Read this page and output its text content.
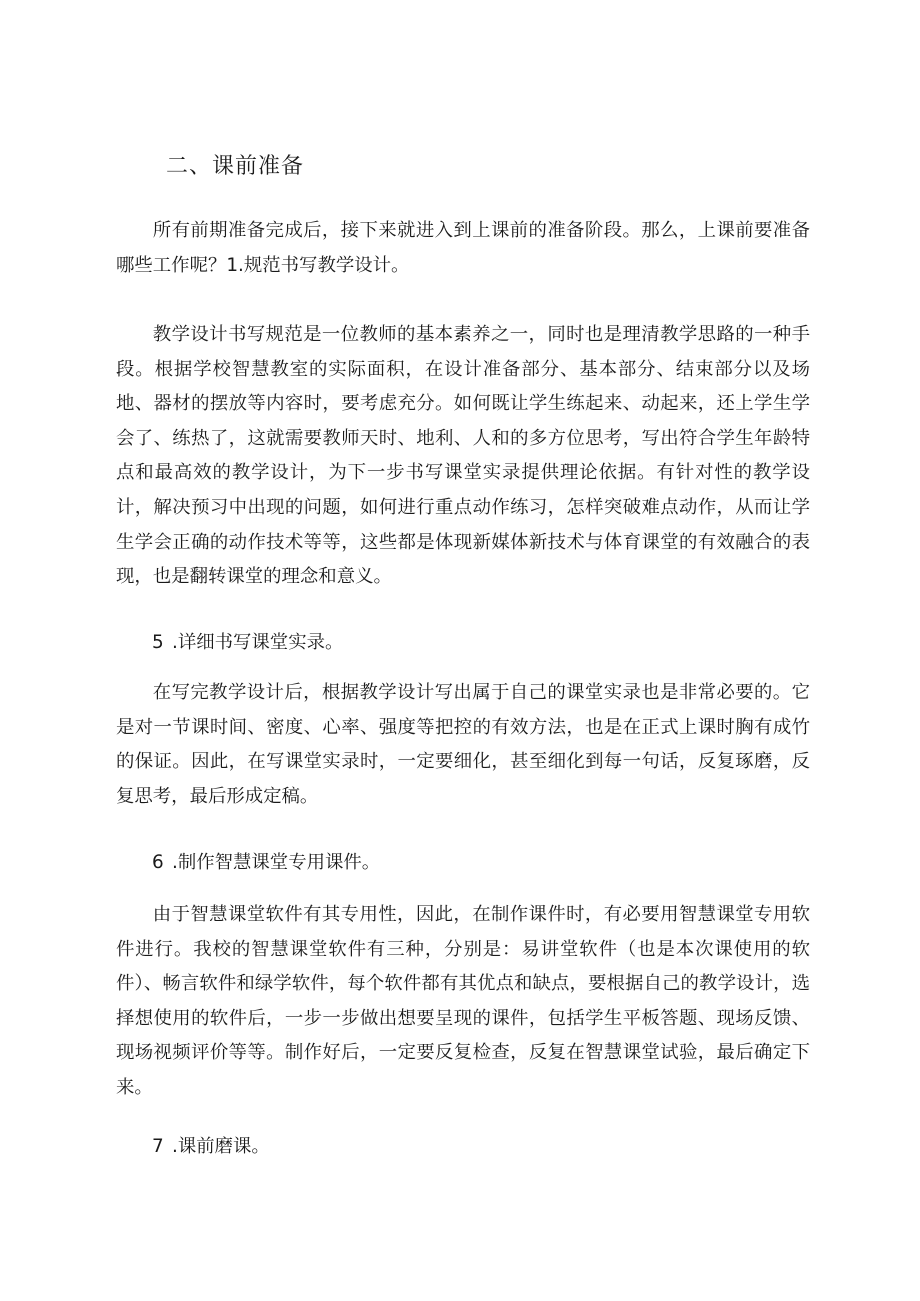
二、课前准备

所有前期准备完成后，接下来就进入到上课前的准备阶段。那么，上课前要准备哪些工作呢？1.规范书写教学设计。

教学设计书写规范是一位教师的基本素养之一，同时也是理清教学思路的一种手段。根据学校智慧教室的实际面积，在设计准备部分、基本部分、结束部分以及场地、器材的摆放等内容时，要考虑充分。如何既让学生练起来、动起来，还上学生学会了、练热了，这就需要教师天时、地利、人和的多方位思考，写出符合学生年龄特点和最高效的教学设计，为下一步书写课堂实录提供理论依据。有针对性的教学设计，解决预习中出现的问题，如何进行重点动作练习，怎样突破难点动作，从而让学生学会正确的动作技术等等，这些都是体现新媒体新技术与体育课堂的有效融合的表现，也是翻转课堂的理念和意义。

5 .详细书写课堂实录。

在写完教学设计后，根据教学设计写出属于自己的课堂实录也是非常必要的。它是对一节课时间、密度、心率、强度等把控的有效方法，也是在正式上课时胸有成竹的保证。因此，在写课堂实录时，一定要细化，甚至细化到每一句话，反复琢磨，反复思考，最后形成定稿。

6 .制作智慧课堂专用课件。

由于智慧课堂软件有其专用性，因此，在制作课件时，有必要用智慧课堂专用软件进行。我校的智慧课堂软件有三种，分别是：易讲堂软件（也是本次课使用的软件）、畅言软件和绿学软件，每个软件都有其优点和缺点，要根据自己的教学设计，选择想使用的软件后，一步一步做出想要呈现的课件，包括学生平板答题、现场反馈、现场视频评价等等。制作好后，一定要反复检查，反复在智慧课堂试验，最后确定下来。

7 .课前磨课。
